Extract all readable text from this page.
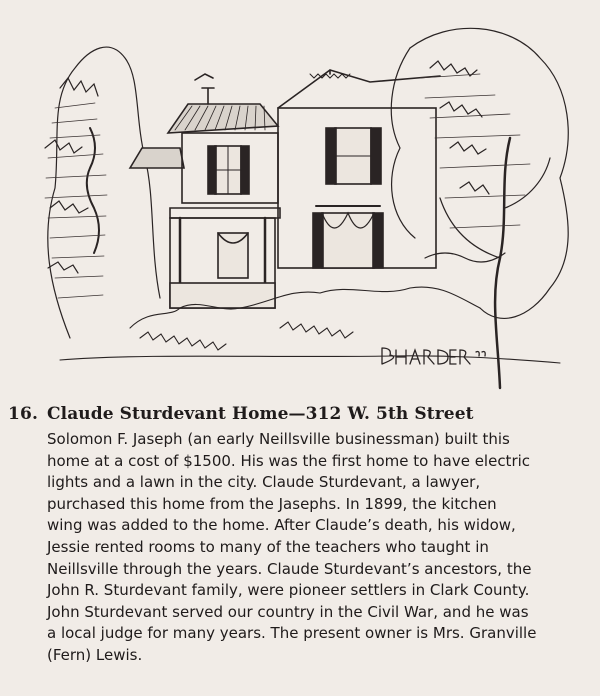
16. Claude Sturdevant Home—312 W. 5th Street
Solomon F. Jaseph (an early Neillsville businessman) built this
home at a cost of $1500. His was the first home to have electric
lights and a lawn in the city. Claude Sturdevant, a lawyer,
purchased this home from the Jasephs. In 1899, the kitchen
wing was added to the home. After Claude’s death, his widow,
Jessie rented rooms to many of the teachers who taught in
Neillsville through the years. Claude Sturdevant’s ancestors, the
John R. Sturdevant family, were pioneer settlers in Clark County.
John Sturdevant served our country in the Civil War, and he was
a local judge for many years. The present owner is Mrs. Granville
(Fern) Lewis.
